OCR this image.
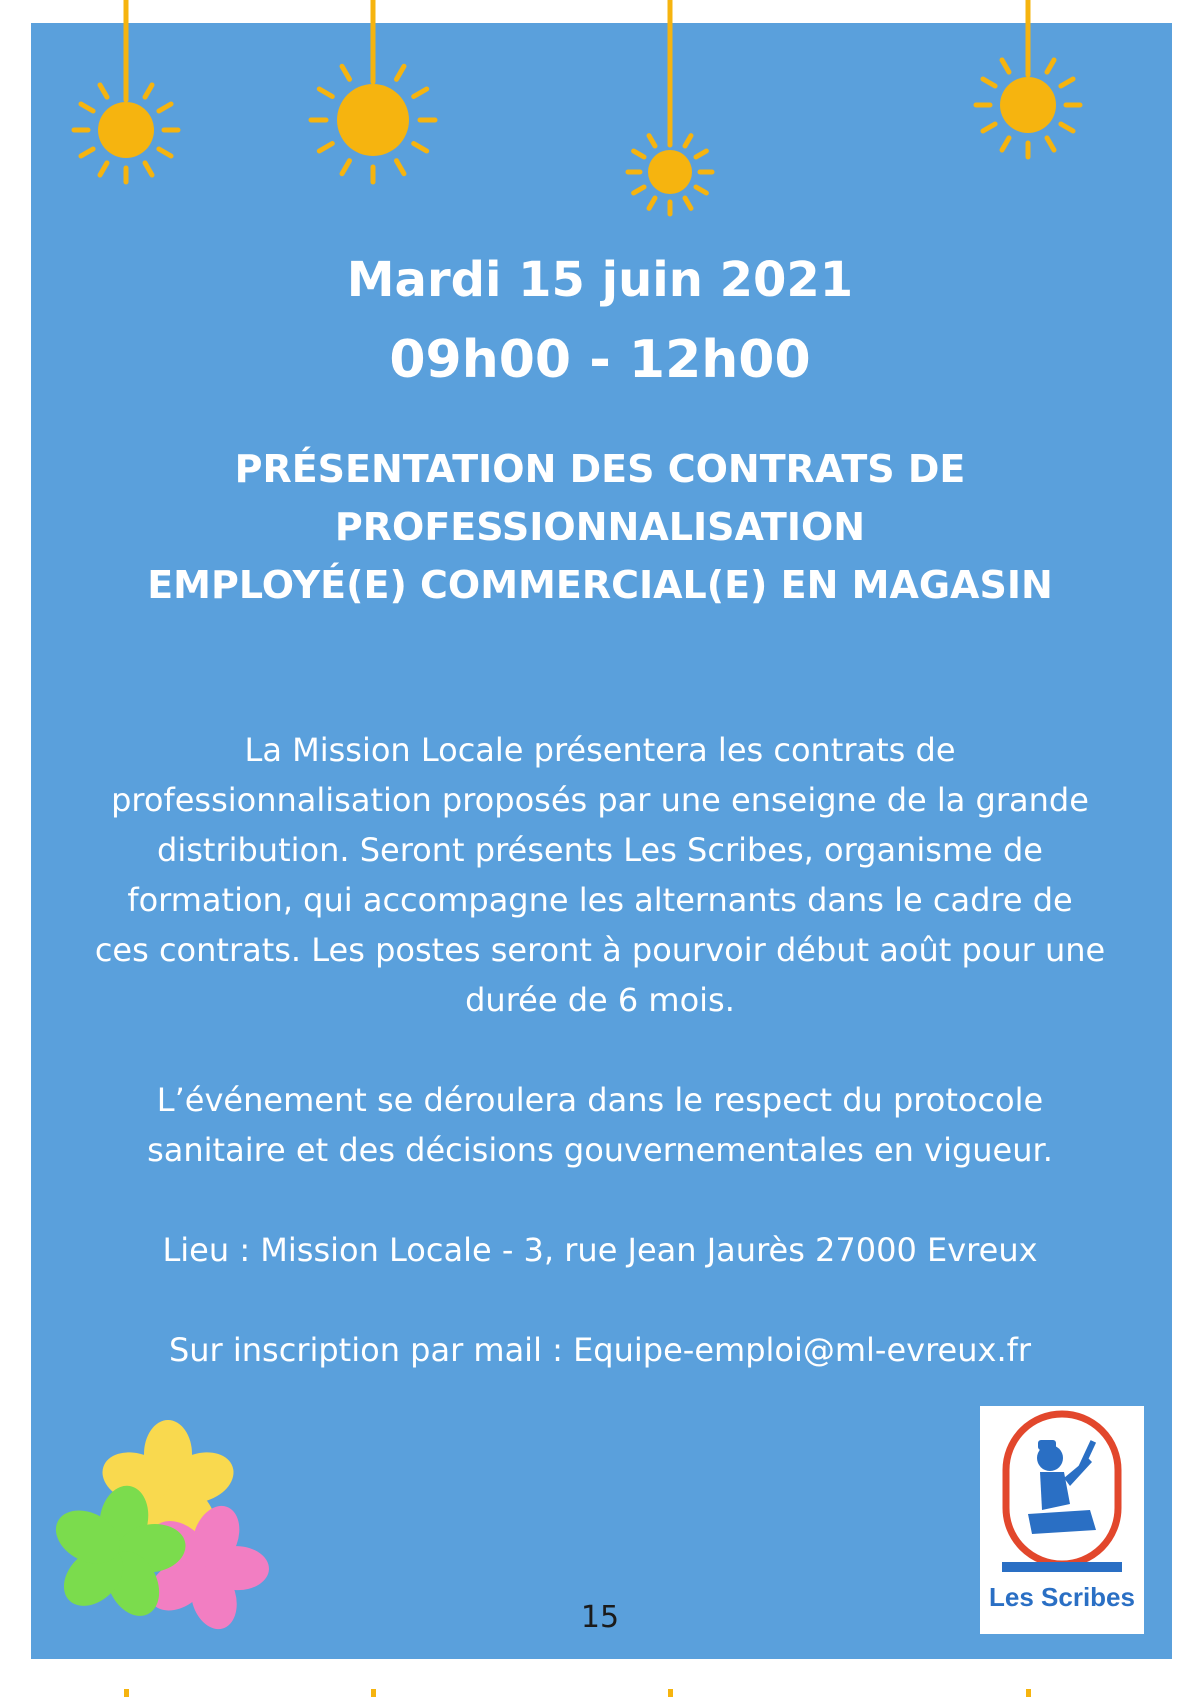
Mardi 15 juin 2021
09h00 - 12h00
PRÉSENTATION DES CONTRATS DE
PROFESSIONNALISATION
EMPLOYÉ(E) COMMERCIAL(E) EN MAGASIN
La Mission Locale présentera les contrats de
professionnalisation proposés par une enseigne de la grande
distribution. Seront présents Les Scribes, organisme de
formation, qui accompagne les alternants dans le cadre de
ces contrats. Les postes seront à pourvoir début août pour une
durée de 6 mois.
L’événement se déroulera dans le respect du protocole
sanitaire et des décisions gouvernementales en vigueur.
Lieu : Mission Locale - 3, rue Jean Jaurès 27000 Evreux
Sur inscription par mail : Equipe-emploi@ml-evreux.fr
15
Les Scribes
